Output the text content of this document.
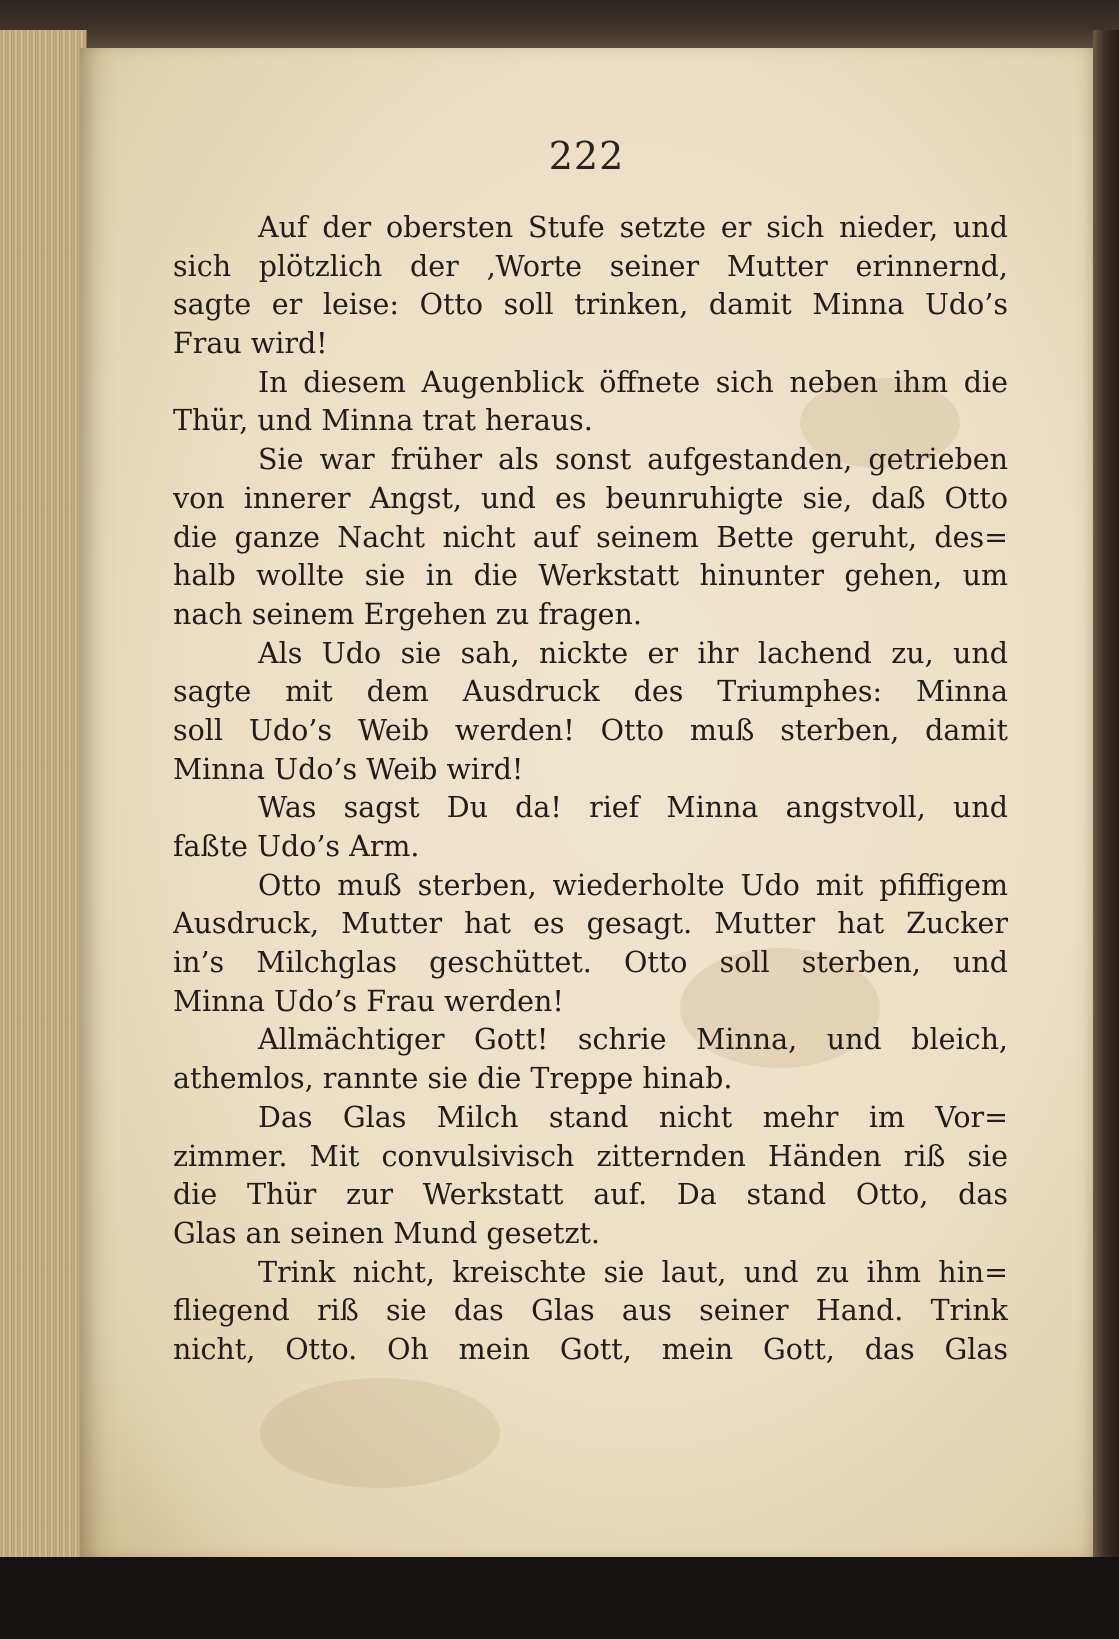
222
Auf der obersten Stufe setzte er sich nieder, und
sich plötzlich der ‚Worte seiner Mutter erinnernd,
sagte er leise: Otto soll trinken, damit Minna Udo’s
Frau wird!
In diesem Augenblick öffnete sich neben ihm die
Thür, und Minna trat heraus.
Sie war früher als sonst aufgestanden, getrieben
von innerer Angst, und es beunruhigte sie, daß Otto
die ganze Nacht nicht auf seinem Bette geruht, des=
halb wollte sie in die Werkstatt hinunter gehen, um
nach seinem Ergehen zu fragen.
Als Udo sie sah, nickte er ihr lachend zu, und
sagte mit dem Ausdruck des Triumphes: Minna
soll Udo’s Weib werden! Otto muß sterben, damit
Minna Udo’s Weib wird!
Was sagst Du da! rief Minna angstvoll, und
faßte Udo’s Arm.
Otto muß sterben, wiederholte Udo mit pfiffigem
Ausdruck, Mutter hat es gesagt. Mutter hat Zucker
in’s Milchglas geschüttet. Otto soll sterben, und
Minna Udo’s Frau werden!
Allmächtiger Gott! schrie Minna, und bleich,
athemlos, rannte sie die Treppe hinab.
Das Glas Milch stand nicht mehr im Vor=
zimmer. Mit convulsivisch zitternden Händen riß sie
die Thür zur Werkstatt auf. Da stand Otto, das
Glas an seinen Mund gesetzt.
Trink nicht, kreischte sie laut, und zu ihm hin=
fliegend riß sie das Glas aus seiner Hand. Trink
nicht, Otto. Oh mein Gott, mein Gott, das Glas
